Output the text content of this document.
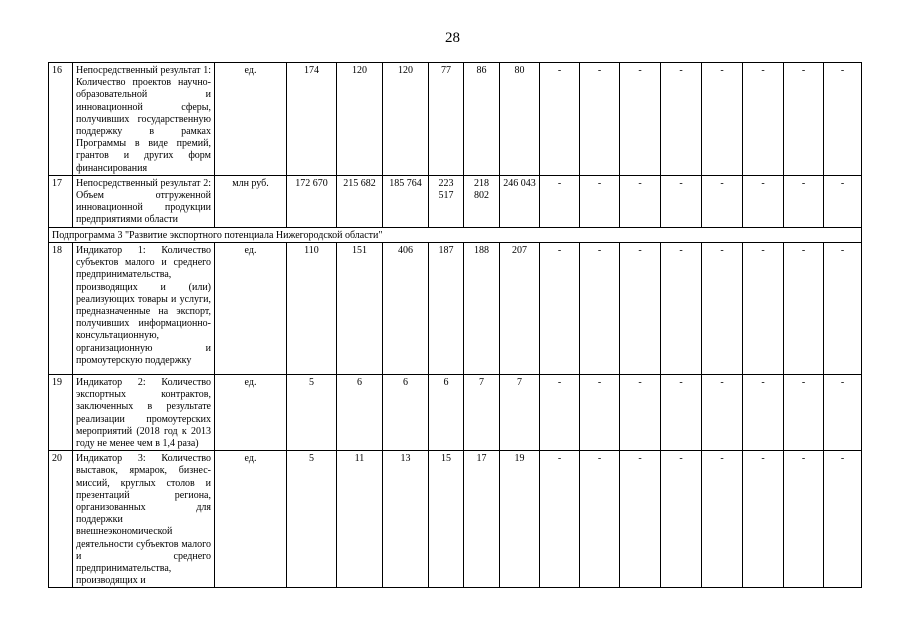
28
16	Непосредственный результат 1: Количество проектов научно-образовательной и инновационной сферы, получивших государственную поддержку в рамках Программы в виде премий, грантов и других форм финансирования	ед.	174	120	120	77	86	80	-	-	-	-	-	-	-	-
17	Непосредственный результат 2: Объем отгруженной инновационной продукции предприятиями области	млн руб.	172 670	215 682	185 764	223 517	218 802	246 043	-	-	-	-	-	-	-	-
Подпрограмма 3 "Развитие экспортного потенциала Нижегородской области"																
18	Индикатор 1: Количество субъектов малого и среднего предпринимательства, производящих и (или) реализующих товары и услуги, предназначенные на экспорт, получивших информационно-консультационную, организационную и промоутерскую поддержку	ед.	110	151	406	187	188	207	-	-	-	-	-	-	-	-
19	Индикатор 2: Количество экспортных контрактов, заключенных в результате реализации промоутерских мероприятий (2018 год к 2013 году не менее чем в 1,4 раза)	ед.	5	6	6	6	7	7	-	-	-	-	-	-	-	-
20	Индикатор 3: Количество выставок, ярмарок, бизнес-миссий, круглых столов и презентаций региона, организованных для поддержки внешнеэкономической деятельности субъектов малого и среднего предпринимательства, производящих и	ед.	5	11	13	15	17	19	-	-	-	-	-	-	-	-
